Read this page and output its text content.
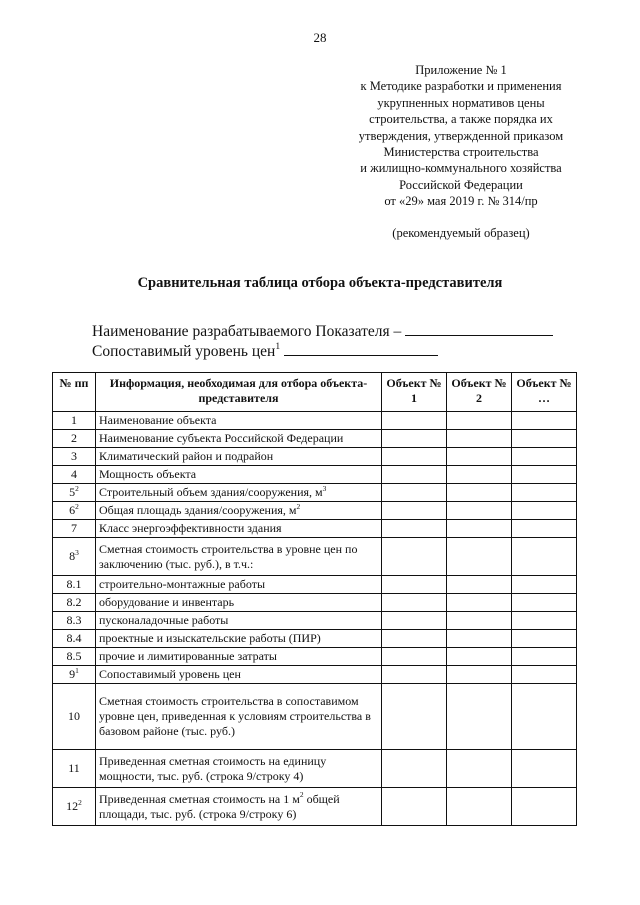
28
Приложение № 1
к Методике разработки и применения
укрупненных нормативов цены
строительства, а также порядка их
утверждения, утвержденной приказом
Министерства строительства
и жилищно-коммунального хозяйства
Российской Федерации
от «29» мая 2019 г. № 314/пр
(рекомендуемый образец)
Сравнительная таблица отбора объекта-представителя
Наименование разрабатываемого Показателя –
Сопоставимый уровень цен$^1$
№ пп	Информация, необходимая для отбора объекта-представителя	Объект № 1	Объект № 2	Объект № …
1	Наименование объекта			
2	Наименование субъекта Российской Федерации			
3	Климатический район и подрайон			
4	Мощность объекта			
$5^2$	Строительный объем здания/сооружения, $м^3$			
$6^2$	Общая площадь здания/сооружения, $м^2$			
7	Класс энергоэффективности здания			
$8^3$	Сметная стоимость строительства в уровне цен по заключению (тыс. руб.), в т.ч.:			
8.1	строительно-монтажные работы			
8.2	оборудование и инвентарь			
8.3	пусконаладочные работы			
8.4	проектные и изыскательские работы (ПИР)			
8.5	прочие и лимитированные затраты			
$9^1$	Сопоставимый уровень цен			
10	Сметная стоимость строительства в сопоставимом уровне цен, приведенная к условиям строительства в базовом районе (тыс. руб.)			
11	Приведенная сметная стоимость на единицу мощности, тыс. руб. (строка 9/строку 4)			
$12^2$	Приведенная сметная стоимость на 1 $м^2$ общей площади, тыс. руб. (строка 9/строку 6)			
